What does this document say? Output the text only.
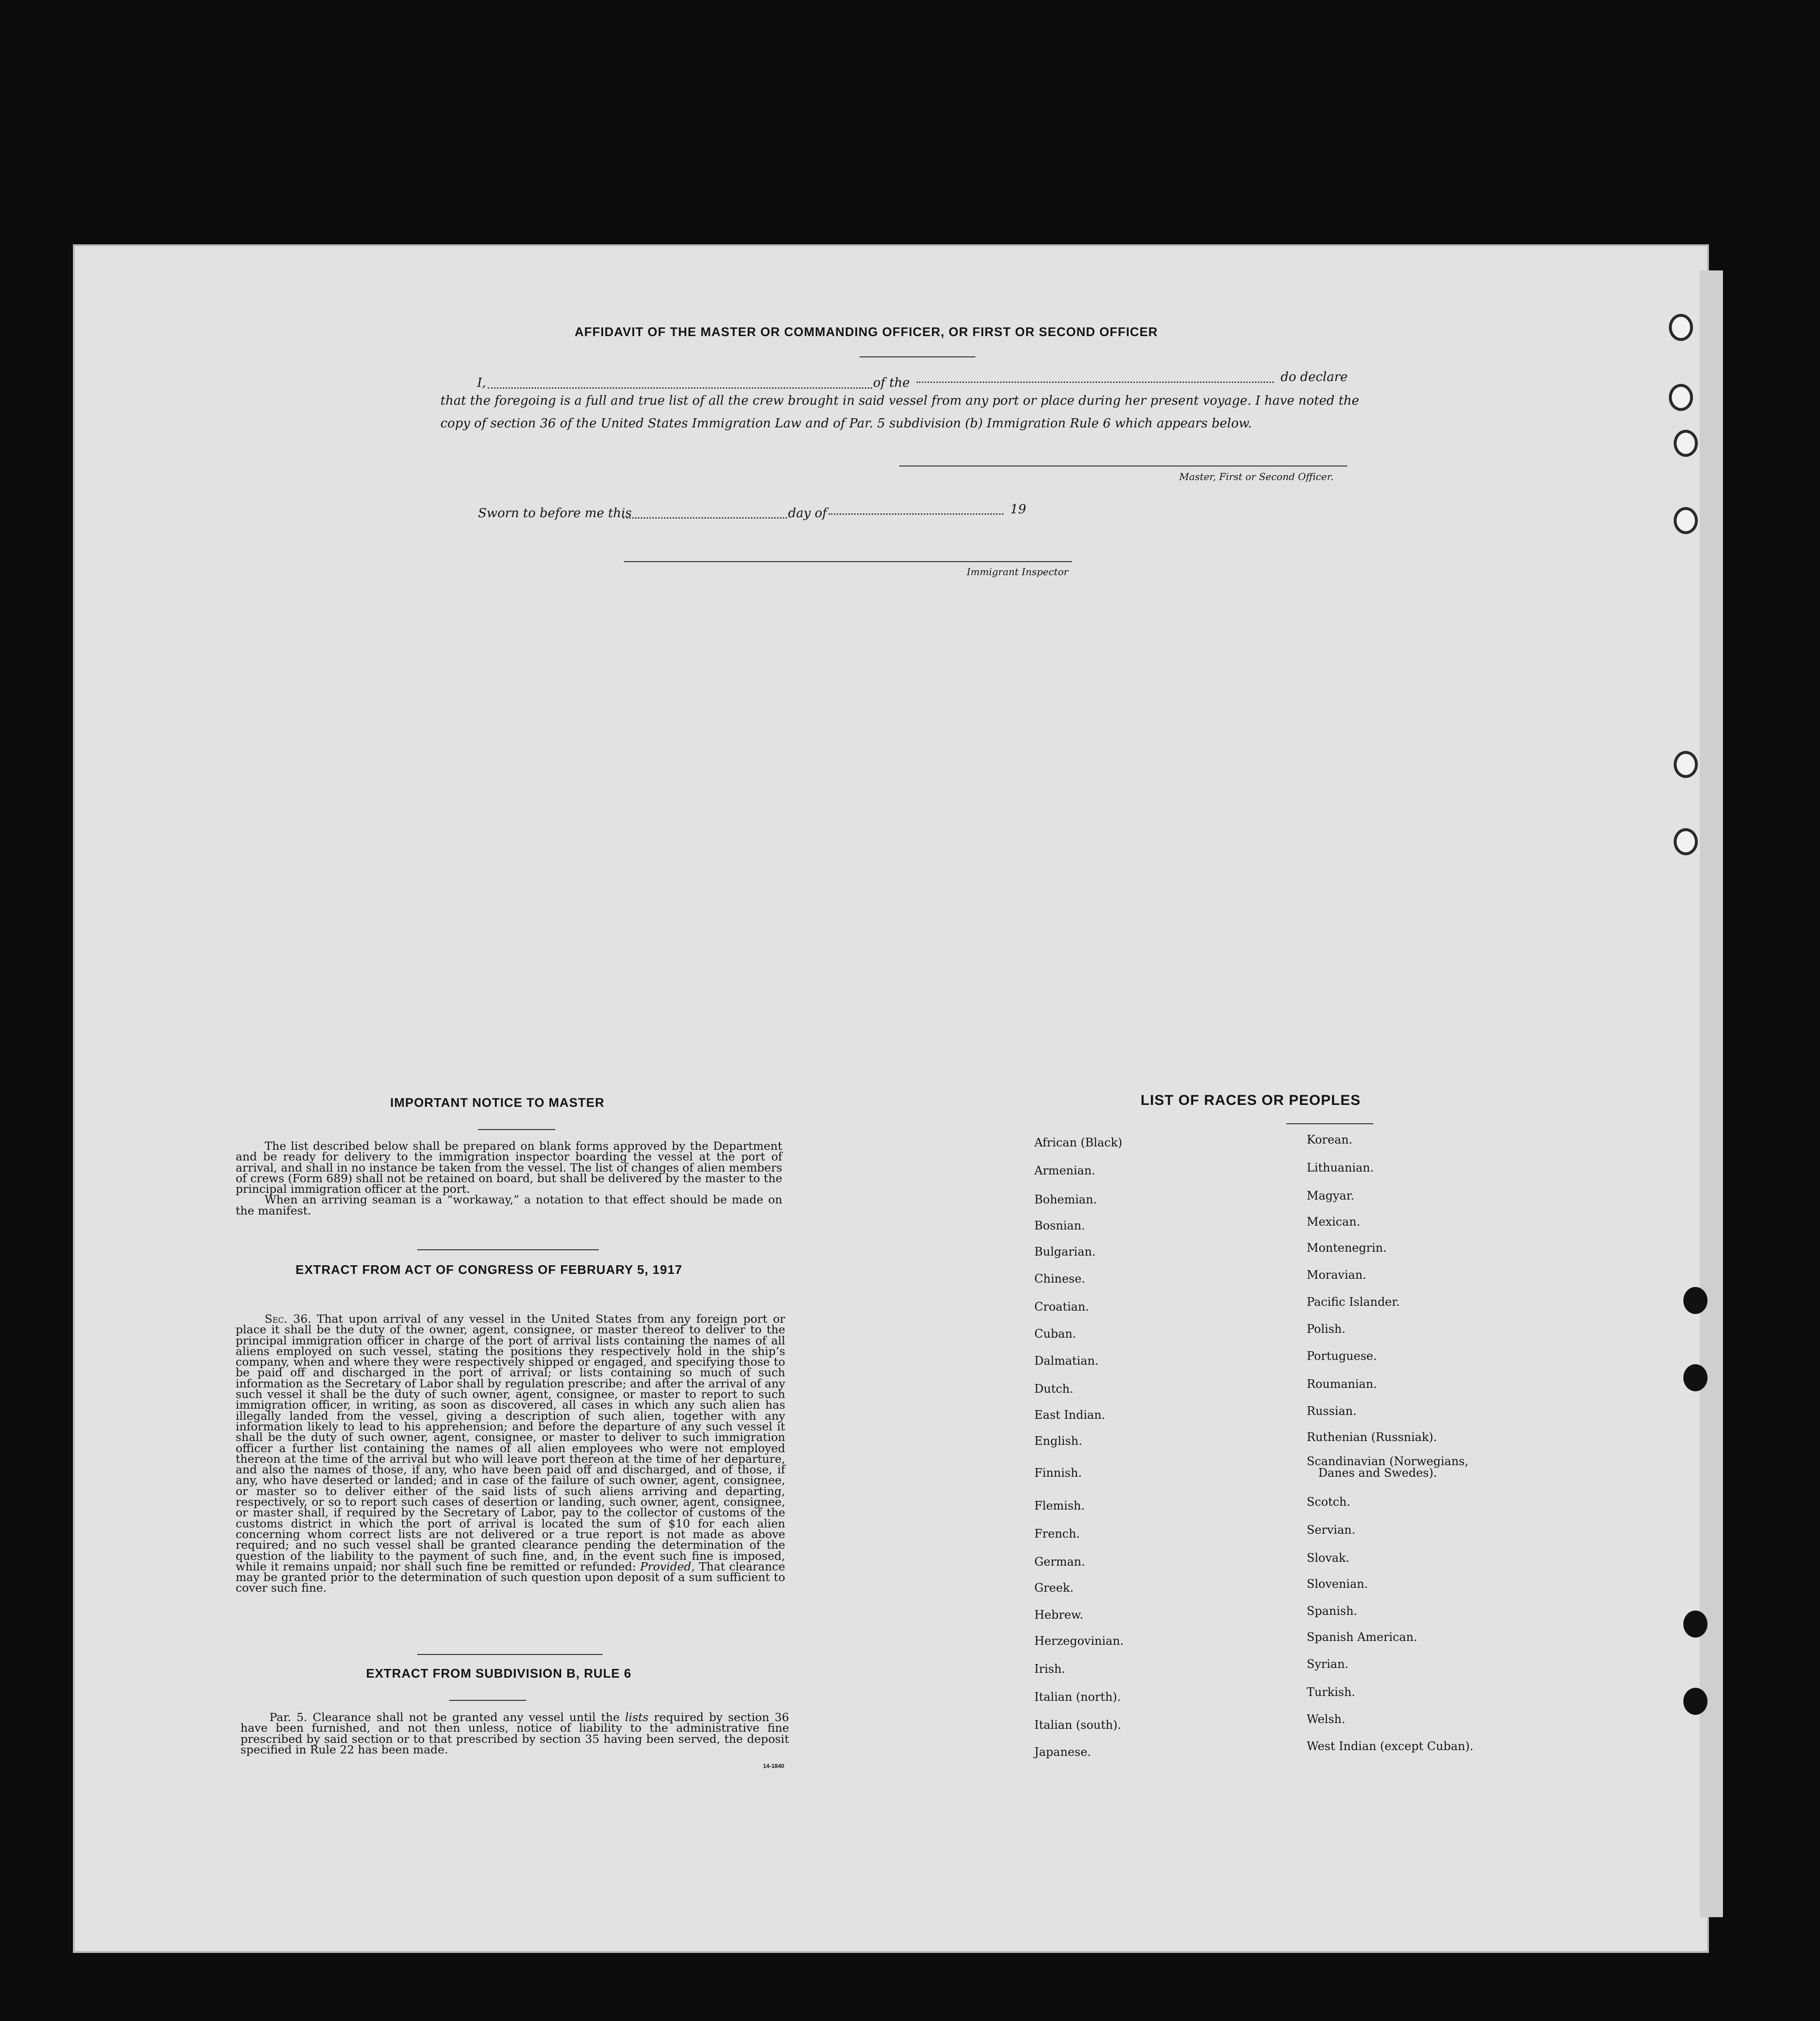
AFFIDAVIT OF THE MASTER OR COMMANDING OFFICER, OR FIRST OR SECOND OFFICER
I,	of the	do declare
that the foregoing is a full and true list of all the crew brought in said vessel from any port or place during her present voyage. I have noted the
copy of section 36 of the United States Immigration Law and of Par. 5 subdivision (b) Immigration Rule 6 which appears below.
Master, First or Second Officer.
Sworn to before me this	day of	19
Immigrant Inspector
IMPORTANT NOTICE TO MASTER

The list described below shall be prepared on blank forms approved by the Department and be ready for delivery to the immigration inspector boarding the vessel at the port of arrival, and shall in no instance be taken from the vessel. The list of changes of alien members of crews (Form 689) shall not be retained on board, but shall be delivered by the master to the principal immigration officer at the port.

When an arriving seaman is a “workaway,” a notation to that effect should be made on the manifest.

EXTRACT FROM ACT OF CONGRESS OF FEBRUARY 5, 1917

Sec. 36. That upon arrival of any vessel in the United States from any foreign port or place it shall be the duty of the owner, agent, consignee, or master thereof to deliver to the principal immigration officer in charge of the port of arrival lists containing the names of all aliens employed on such vessel, stating the positions they respectively hold in the ship’s company, when and where they were respectively shipped or engaged, and specifying those to be paid off and discharged in the port of arrival; or lists containing so much of such information as the Secretary of Labor shall by regulation prescribe; and after the arrival of any such vessel it shall be the duty of such owner, agent, consignee, or master to report to such immigration officer, in writing, as soon as discovered, all cases in which any such alien has illegally landed from the vessel, giving a description of such alien, together with any information likely to lead to his apprehension; and before the departure of any such vessel it shall be the duty of such owner, agent, consignee, or master to deliver to such immigration officer a further list containing the names of all alien employees who were not employed thereon at the time of the arrival but who will leave port thereon at the time of her departure, and also the names of those, if any, who have been paid off and discharged, and of those, if any, who have deserted or landed; and in case of the failure of such owner, agent, consignee, or master so to deliver either of the said lists of such aliens arriving and departing, respectively, or so to report such cases of desertion or landing, such owner, agent, consignee, or master shall, if required by the Secretary of Labor, pay to the collector of customs of the customs district in which the port of arrival is located the sum of $10 for each alien concerning whom correct lists are not delivered or a true report is not made as above required; and no such vessel shall be granted clearance pending the determination of the question of the liability to the payment of such fine, and, in the event such fine is imposed, while it remains unpaid; nor shall such fine be remitted or refunded: Provided, That clearance may be granted prior to the determination of such question upon deposit of a sum sufficient to cover such fine.

EXTRACT FROM SUBDIVISION B, RULE 6

Par. 5. Clearance shall not be granted any vessel until the lists required by section 36 have been furnished, and not then unless, notice of liability to the administrative fine prescribed by said section or to that prescribed by section 35 having been served, the deposit specified in Rule 22 has been made.

14-1840
LIST OF RACES OR PEOPLES
African (Black)
Armenian.
Bohemian.
Bosnian.
Bulgarian.
Chinese.
Croatian.
Cuban.
Dalmatian.
Dutch.
East Indian.
English.
Finnish.
Flemish.
French.
German.
Greek.
Hebrew.
Herzegovinian.
Irish.
Italian (north).
Italian (south).
Japanese.
Korean.
Lithuanian.
Magyar.
Mexican.
Montenegrin.
Moravian.
Pacific Islander.
Polish.
Portuguese.
Roumanian.
Russian.
Ruthenian (Russniak).
Scandinavian (Norwegians,
Danes and Swedes).
Scotch.
Servian.
Slovak.
Slovenian.
Spanish.
Spanish American.
Syrian.
Turkish.
Welsh.
West Indian (except Cuban).
